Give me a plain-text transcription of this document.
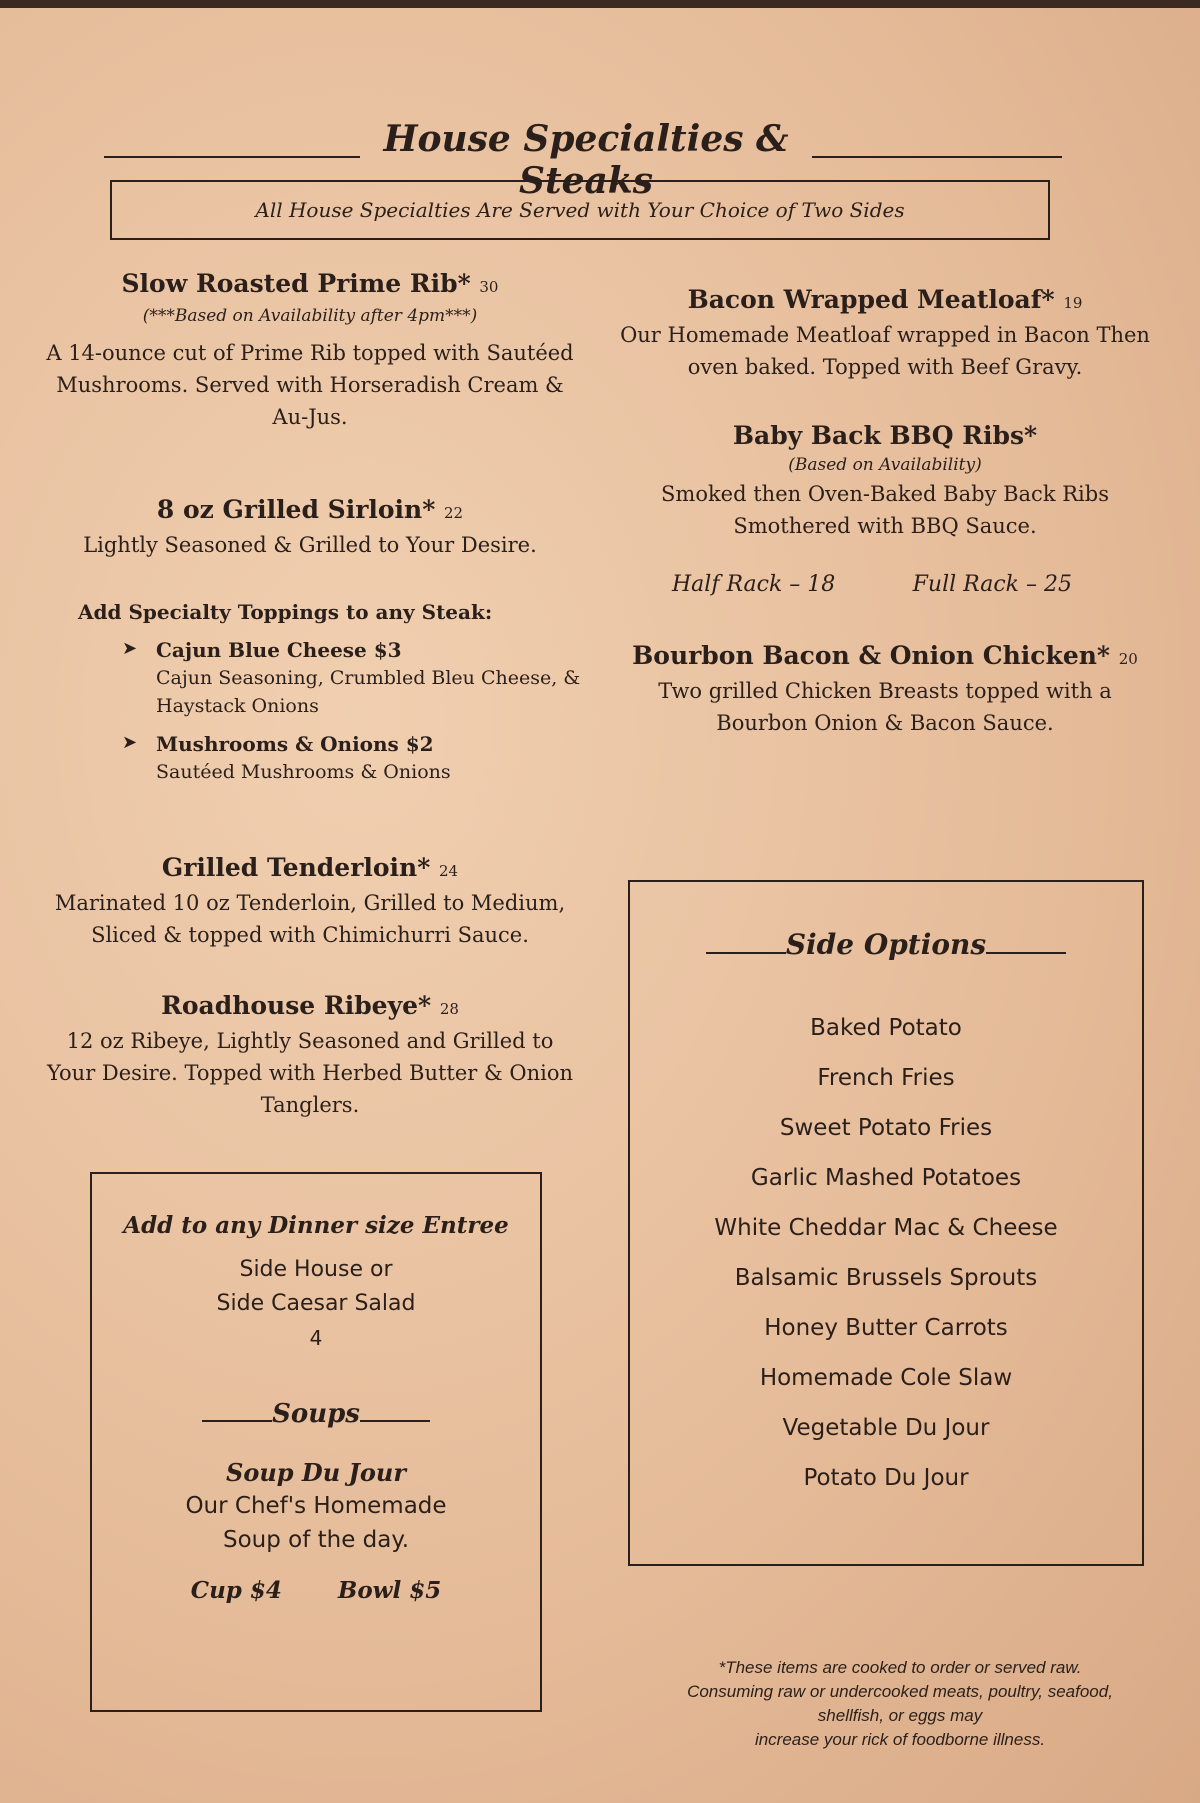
House Specialties & Steaks
All House Specialties Are Served with Your Choice of Two Sides
Slow Roasted Prime Rib* 30
(***Based on Availability after 4pm***)
A 14-ounce cut of Prime Rib topped with Sautéed Mushrooms. Served with Horseradish Cream & Au-Jus.
8 oz Grilled Sirloin* 22
Lightly Seasoned & Grilled to Your Desire.
Add Specialty Toppings to any Steak:
➤ Cajun Blue Cheese $3
Cajun Seasoning, Crumbled Bleu Cheese, & Haystack Onions
➤ Mushrooms & Onions $2
Sautéed Mushrooms & Onions
Grilled Tenderloin* 24
Marinated 10 oz Tenderloin, Grilled to Medium, Sliced & topped with Chimichurri Sauce.
Roadhouse Ribeye* 28
12 oz Ribeye, Lightly Seasoned and Grilled to Your Desire. Topped with Herbed Butter & Onion Tanglers.
Bacon Wrapped Meatloaf* 19
Our Homemade Meatloaf wrapped in Bacon Then oven baked. Topped with Beef Gravy.
Baby Back BBQ Ribs*
(Based on Availability)
Smoked then Oven-Baked Baby Back Ribs Smothered with BBQ Sauce.
Half Rack – 18	Full Rack – 25
Bourbon Bacon & Onion Chicken* 20
Two grilled Chicken Breasts topped with a Bourbon Onion & Bacon Sauce.
Add to any Dinner size Entree
Side House or
Side Caesar Salad
4
Soups
Soup Du Jour
Our Chef's Homemade
Soup of the day.
Cup $4 Bowl $5
Side Options
Baked Potato
French Fries
Sweet Potato Fries
Garlic Mashed Potatoes
White Cheddar Mac & Cheese
Balsamic Brussels Sprouts
Honey Butter Carrots
Homemade Cole Slaw
Vegetable Du Jour
Potato Du Jour
*These items are cooked to order or served raw.
Consuming raw or undercooked meats, poultry, seafood, shellfish, or eggs may
increase your rick of foodborne illness.
